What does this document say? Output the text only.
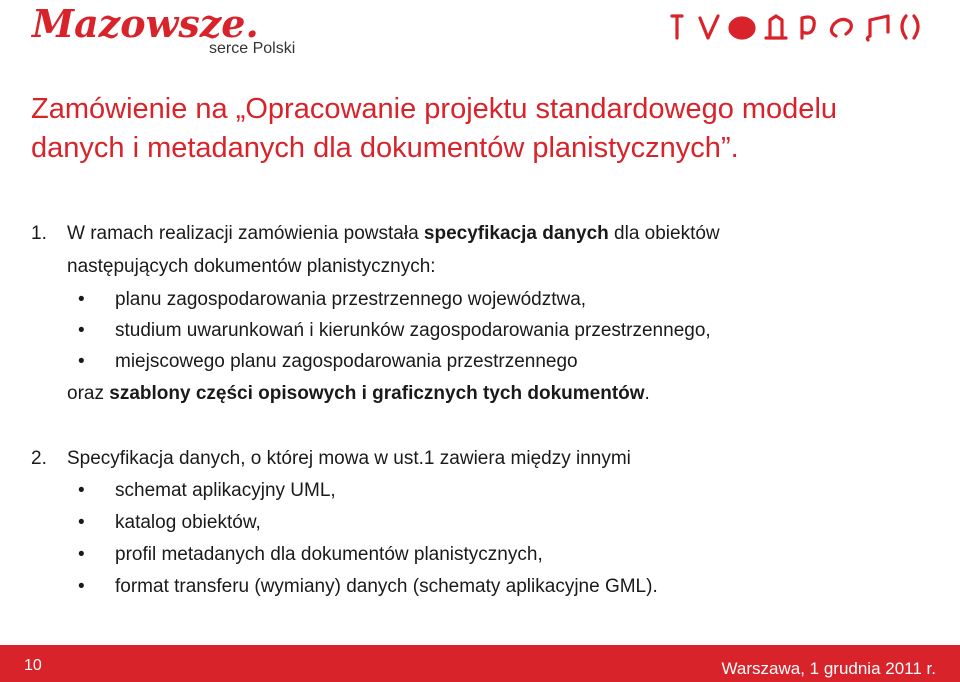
Mazowsze.
serce Polski
Zamówienie na „Opracowanie projektu standardowego modelu danych i metadanych dla dokumentów planistycznych”.
1.	W ramach realizacji zamówienia powstała specyfikacja danych dla obiektów
następujących dokumentów planistycznych:
• planu zagospodarowania przestrzennego województwa,
• studium uwarunkowań i kierunków zagospodarowania przestrzennego,
• miejscowego planu zagospodarowania przestrzennego
oraz szablony części opisowych i graficznych tych dokumentów.
2.	Specyfikacja danych, o której mowa w ust.1 zawiera między innymi
• schemat aplikacyjny UML,
• katalog obiektów,
• profil metadanych dla dokumentów planistycznych,
• format transferu (wymiany) danych (schematy aplikacyjne GML).
10	Warszawa, 1 grudnia 2011 r.
